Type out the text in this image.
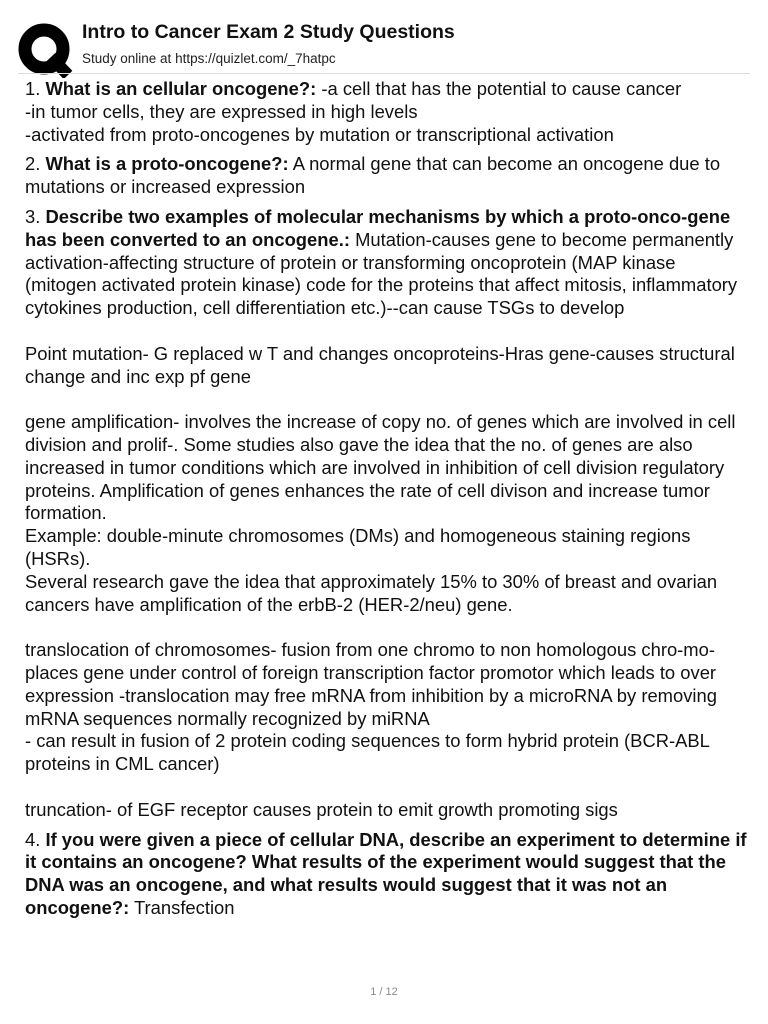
Intro to Cancer Exam 2 Study Questions
Study online at https://quizlet.com/_7hatpc
1. What is an cellular oncogene?: -a cell that has the potential to cause cancer
-in tumor cells, they are expressed in high levels
-activated from proto-oncogenes by mutation or transcriptional activation
2. What is a proto-oncogene?: A normal gene that can become an oncogene due to mutations or increased expression
3. Describe two examples of molecular mechanisms by which a proto-onco-gene has been converted to an oncogene.: Mutation-causes gene to become permanently activation-affecting structure of protein or transforming oncoprotein (MAP kinase (mitogen activated protein kinase) code for the proteins that affect mitosis, inflammatory cytokines production, cell differentiation etc.)--can cause TSGs to develop
Point mutation- G replaced w T and changes oncoproteins-Hras gene-causes structural change and inc exp pf gene
gene amplification- involves the increase of copy no. of genes which are involved in cell division and prolif-. Some studies also gave the idea that the no. of genes are also increased in tumor conditions which are involved in inhibition of cell division regulatory proteins. Amplification of genes enhances the rate of cell divison and increase tumor formation.
Example: double-minute chromosomes (DMs) and homogeneous staining regions (HSRs).
Several research gave the idea that approximately 15% to 30% of breast and ovarian cancers have amplification of the erbB-2 (HER-2/neu) gene.
translocation of chromosomes- fusion from one chromo to non homologous chro-mo-places gene under control of foreign transcription factor promotor which leads to over expression -translocation may free mRNA from inhibition by a microRNA by removing mRNA sequences normally recognized by miRNA
- can result in fusion of 2 protein coding sequences to form hybrid protein (BCR-ABL proteins in CML cancer)
truncation- of EGF receptor causes protein to emit growth promoting sigs
4. If you were given a piece of cellular DNA, describe an experiment to determine if it contains an oncogene? What results of the experiment would suggest that the DNA was an oncogene, and what results would suggest that it was not an oncogene?: Transfection
1 / 12
